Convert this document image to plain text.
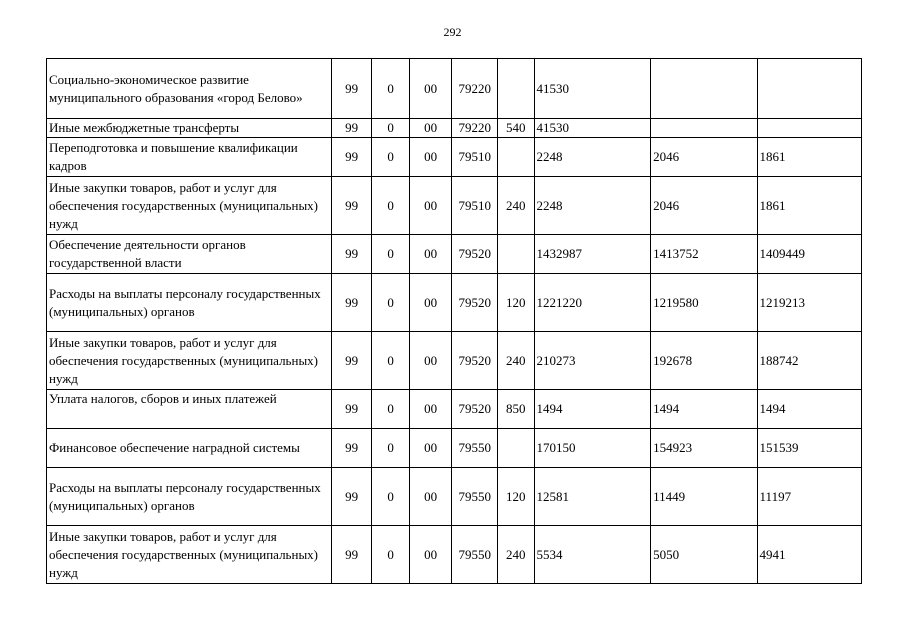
292
Социально-экономическое развитие муниципального образования «город Белово»	99	0	00	79220		41530		
Иные межбюджетные трансферты	99	0	00	79220	540	41530		
Переподготовка и повышение квалификации кадров	99	0	00	79510		2248	2046	1861
Иные закупки товаров, работ и услуг для обеспечения государственных (муниципальных) нужд	99	0	00	79510	240	2248	2046	1861
Обеспечение деятельности органов государственной власти	99	0	00	79520		1432987	1413752	1409449
Расходы на выплаты персоналу государственных (муниципальных) органов	99	0	00	79520	120	1221220	1219580	1219213
Иные закупки товаров, работ и услуг для обеспечения государственных (муниципальных) нужд	99	0	00	79520	240	210273	192678	188742
Уплата налогов, сборов и иных платежей	99	0	00	79520	850	1494	1494	1494
Финансовое обеспечение наградной системы	99	0	00	79550		170150	154923	151539
Расходы на выплаты персоналу государственных (муниципальных) органов	99	0	00	79550	120	12581	11449	11197
Иные закупки товаров, работ и услуг для обеспечения государственных (муниципальных) нужд	99	0	00	79550	240	5534	5050	4941
